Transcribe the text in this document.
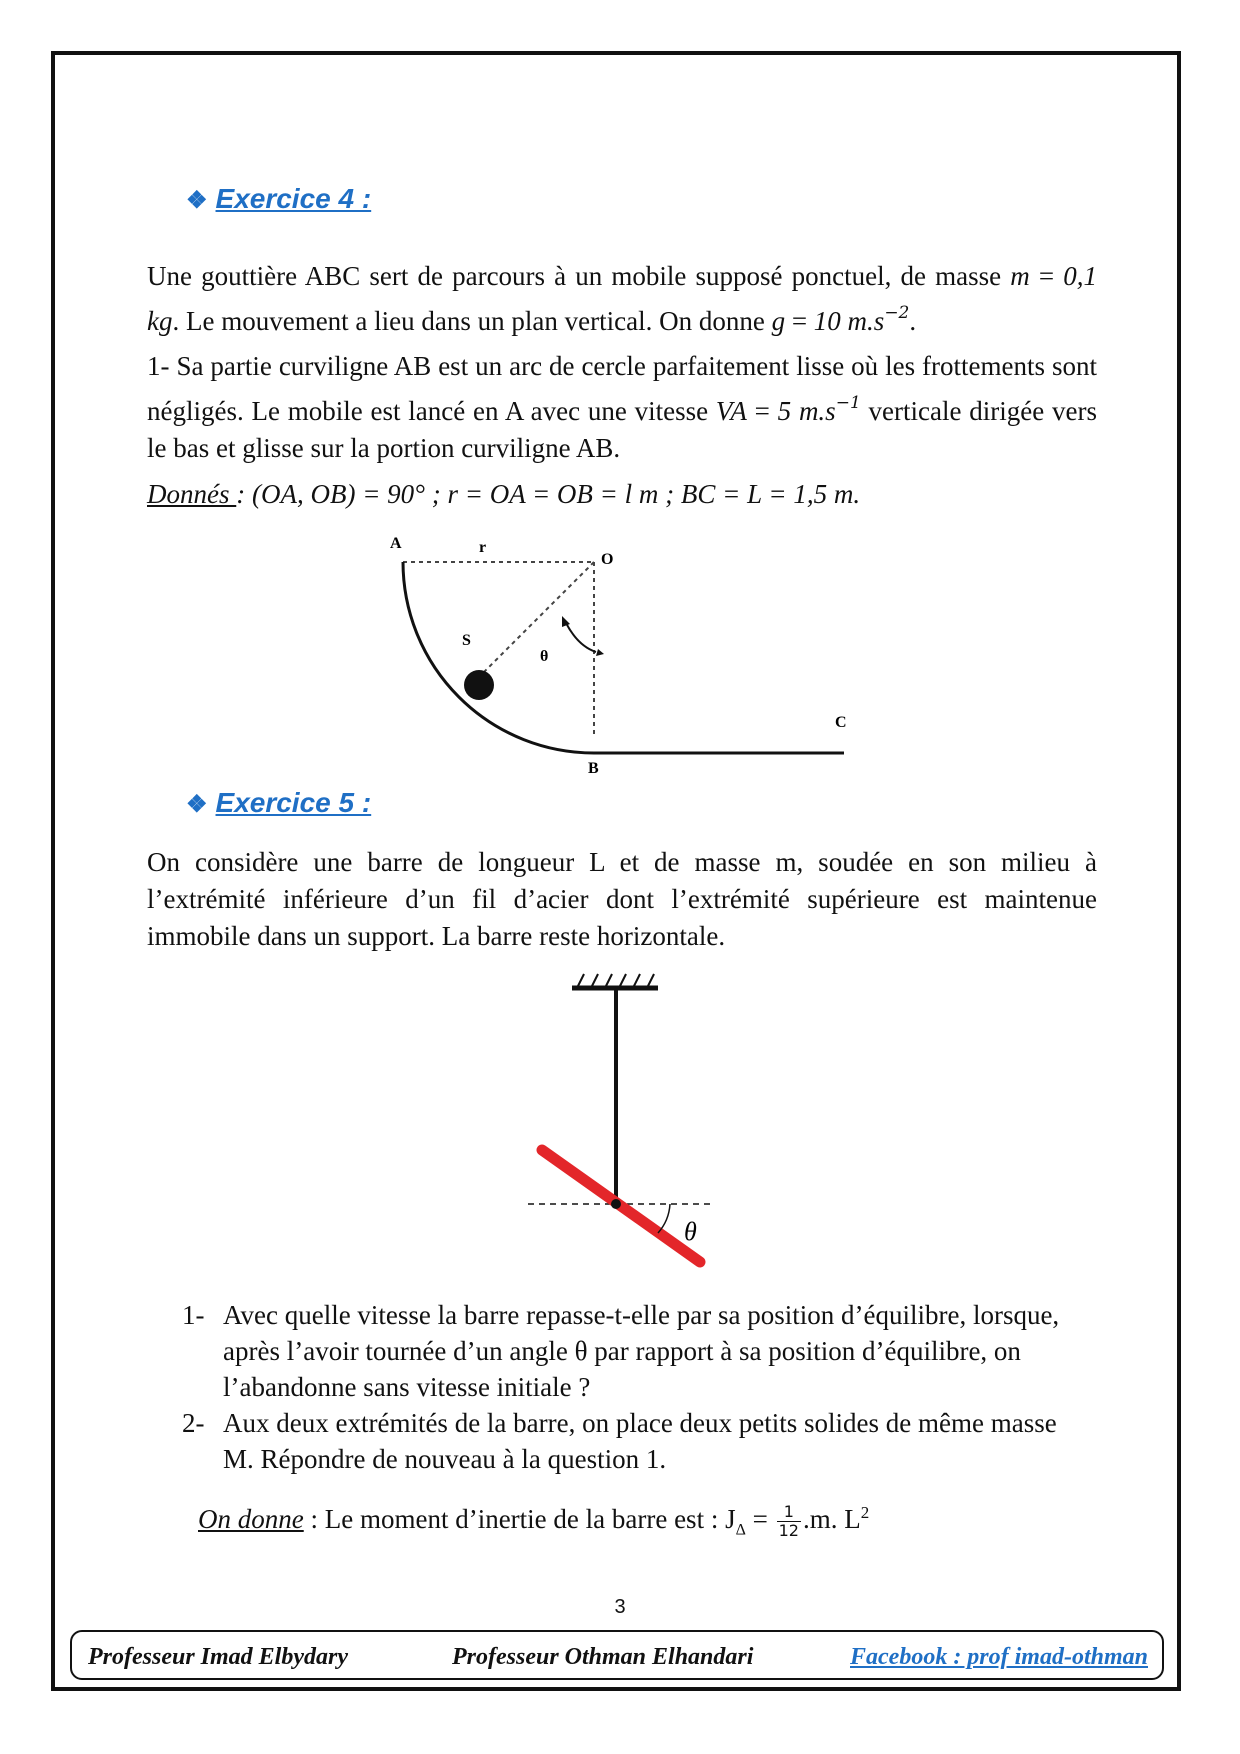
❖ Exercice 4 :
Une gouttière ABC sert de parcours à un mobile supposé ponctuel, de masse m = 0,1 kg. Le mouvement a lieu dans un plan vertical. On donne g = 10 $m.s^{-2}$.
1- Sa partie curviligne AB est un arc de cercle parfaitement lisse où les frottements sont négligés. Le mobile est lancé en A avec une vitesse VA = 5 $m.s^{-1}$ verticale dirigée vers le bas et glisse sur la portion curviligne AB.
Donnés : (OA, OB) = 90° ; r = OA = OB = l m ; BC = L = 1,5 m.
A	r
O
S
θ
B
C
❖ Exercice 5 :
On considère une barre de longueur L et de masse m, soudée en son milieu à l’extrémité inférieure d’un fil d’acier dont l’extrémité supérieure est maintenue immobile dans un support. La barre reste horizontale.
θ
1- Avec quelle vitesse la barre repasse-t-elle par sa position d’équilibre, lorsque, après l’avoir tournée d’un angle θ par rapport à sa position d’équilibre, on l’abandonne sans vitesse initiale ?
2- Aux deux extrémités de la barre, on place deux petits solides de même masse M. Répondre de nouveau à la question 1.
On donne : Le moment d’inertie de la barre est : $J_\Delta = \frac{1}{12} .m$. $L^2$
3
Professeur Imad Elbydary	Professeur Othman Elhandari	Facebook : prof imad-othman
